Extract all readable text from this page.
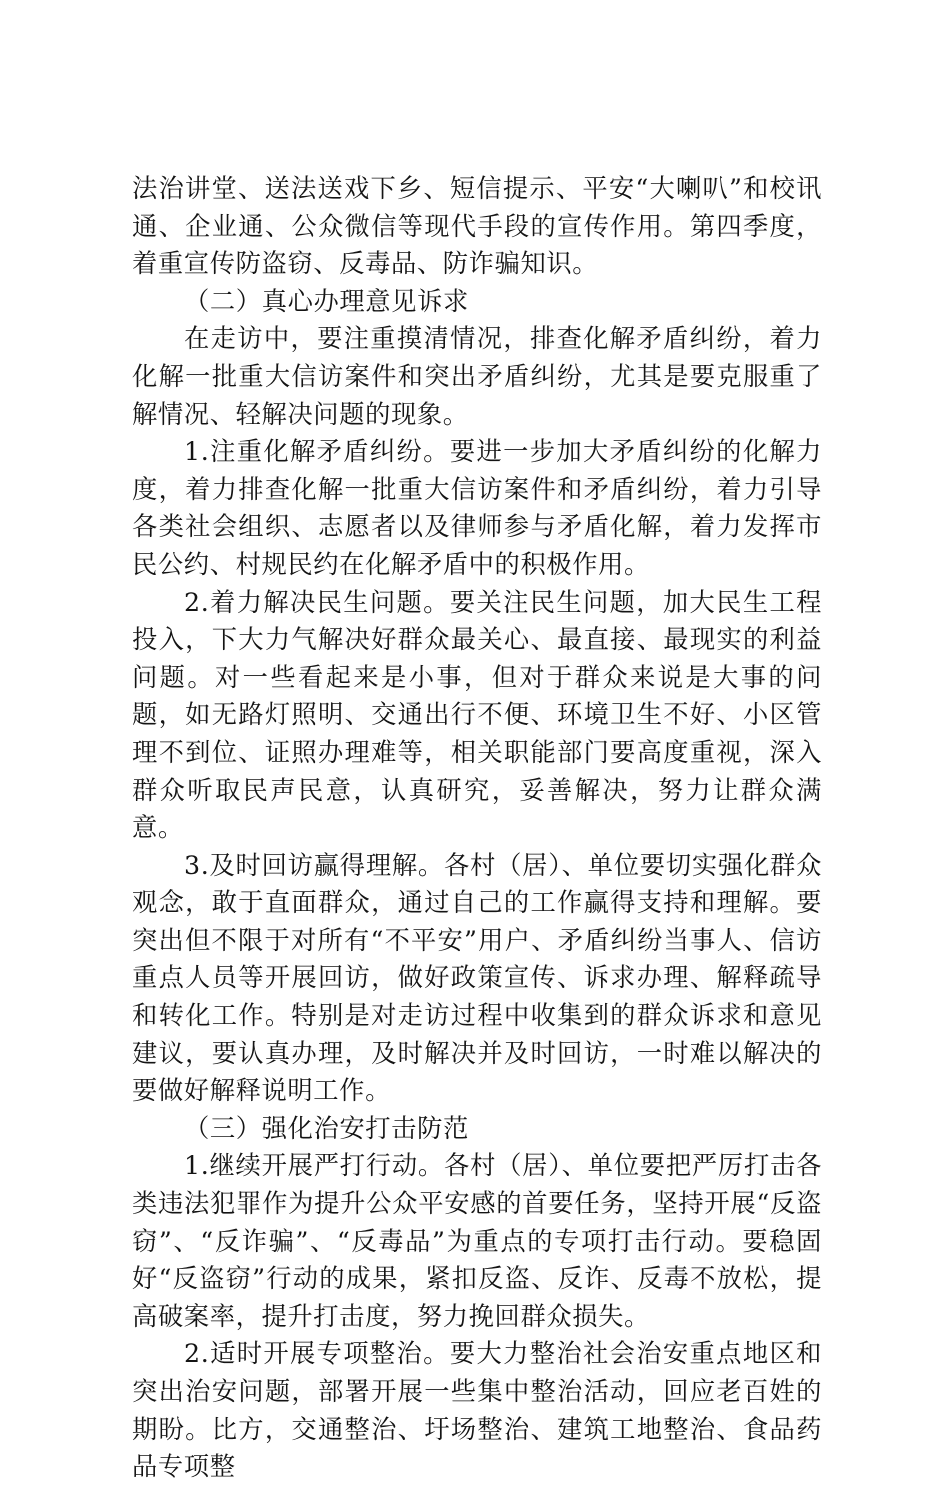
法治讲堂、送法送戏下乡、短信提示、平安“大喇叭”和校讯通、企业通、公众微信等现代手段的宣传作用。第四季度，着重宣传防盗窃、反毒品、防诈骗知识。

（二）真心办理意见诉求

在走访中，要注重摸清情况，排查化解矛盾纠纷，着力化解一批重大信访案件和突出矛盾纠纷，尤其是要克服重了解情况、轻解决问题的现象。

1.注重化解矛盾纠纷。要进一步加大矛盾纠纷的化解力度，着力排查化解一批重大信访案件和矛盾纠纷，着力引导各类社会组织、志愿者以及律师参与矛盾化解，着力发挥市民公约、村规民约在化解矛盾中的积极作用。

2.着力解决民生问题。要关注民生问题，加大民生工程投入，下大力气解决好群众最关心、最直接、最现实的利益问题。对一些看起来是小事，但对于群众来说是大事的问题，如无路灯照明、交通出行不便、环境卫生不好、小区管理不到位、证照办理难等，相关职能部门要高度重视，深入群众听取民声民意，认真研究，妥善解决，努力让群众满意。

3.及时回访赢得理解。各村（居）、单位要切实强化群众观念，敢于直面群众，通过自己的工作赢得支持和理解。要突出但不限于对所有“不平安”用户、矛盾纠纷当事人、信访重点人员等开展回访，做好政策宣传、诉求办理、解释疏导和转化工作。特别是对走访过程中收集到的群众诉求和意见建议，要认真办理，及时解决并及时回访，一时难以解决的要做好解释说明工作。

（三）强化治安打击防范

1.继续开展严打行动。各村（居）、单位要把严厉打击各类违法犯罪作为提升公众平安感的首要任务，坚持开展“反盗窃”、“反诈骗”、“反毒品”为重点的专项打击行动。要稳固好“反盗窃”行动的成果，紧扣反盗、反诈、反毒不放松，提高破案率，提升打击度，努力挽回群众损失。

2.适时开展专项整治。要大力整治社会治安重点地区和突出治安问题，部署开展一些集中整治活动，回应老百姓的期盼。比方，交通整治、圩场整治、建筑工地整治、食品药品专项整
